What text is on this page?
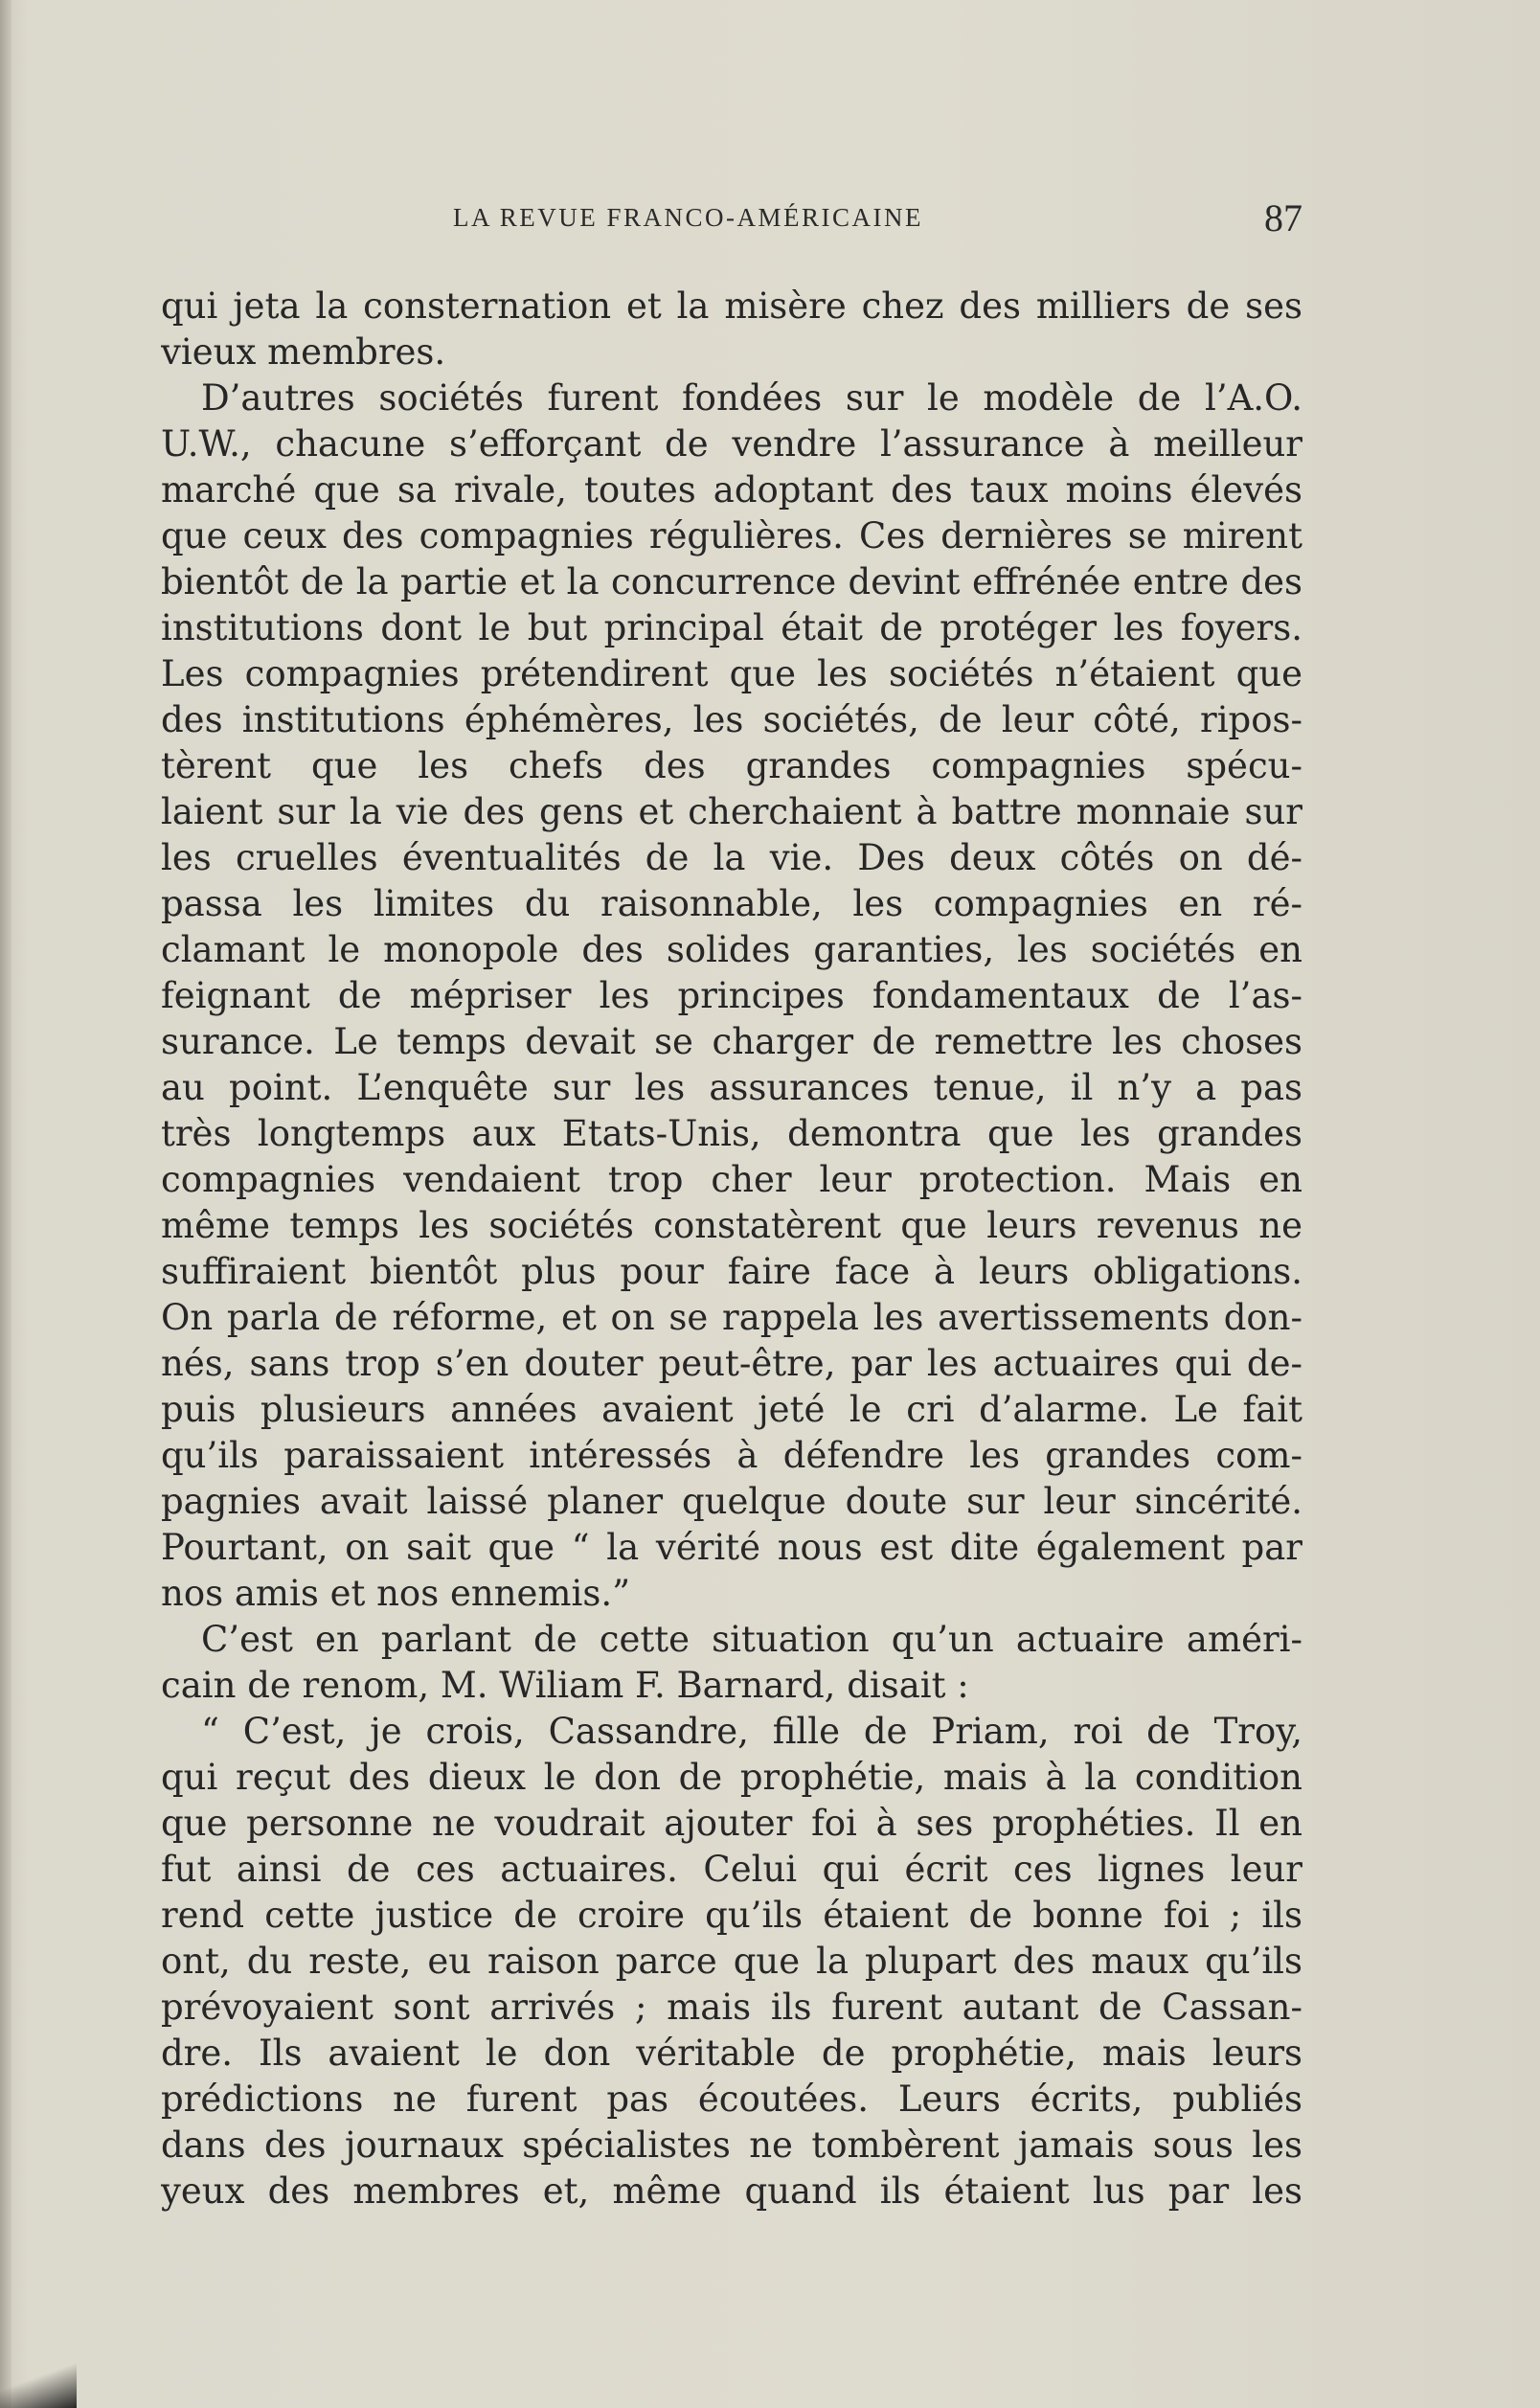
LA REVUE FRANCO-AMÉRICAINE	87
qui jeta la consternation et la misère chez des milliers de ses
vieux membres.
D’autres sociétés furent fondées sur le modèle de l’A.O.
U.W., chacune s’efforçant de vendre l’assurance à meilleur
marché que sa rivale, toutes adoptant des taux moins élevés
que ceux des compagnies régulières. Ces dernières se mirent
bientôt de la partie et la concurrence devint effrénée entre des
institutions dont le but principal était de protéger les foyers.
Les compagnies prétendirent que les sociétés n’étaient que
des institutions éphémères, les sociétés, de leur côté, ripos-
tèrent que les chefs des grandes compagnies spécu-
laient sur la vie des gens et cherchaient à battre monnaie sur
les cruelles éventualités de la vie. Des deux côtés on dé-
passa les limites du raisonnable, les compagnies en ré-
clamant le monopole des solides garanties, les sociétés en
feignant de mépriser les principes fondamentaux de l’as-
surance. Le temps devait se charger de remettre les choses
au point. L’enquête sur les assurances tenue, il n’y a pas
très longtemps aux Etats-Unis, demontra que les grandes
compagnies vendaient trop cher leur protection. Mais en
même temps les sociétés constatèrent que leurs revenus ne
suffiraient bientôt plus pour faire face à leurs obligations.
On parla de réforme, et on se rappela les avertissements don-
nés, sans trop s’en douter peut-être, par les actuaires qui de-
puis plusieurs années avaient jeté le cri d’alarme. Le fait
qu’ils paraissaient intéressés à défendre les grandes com-
pagnies avait laissé planer quelque doute sur leur sincérité.
Pourtant, on sait que “ la vérité nous est dite également par
nos amis et nos ennemis.”
C’est en parlant de cette situation qu’un actuaire améri-
cain de renom, M. Wiliam F. Barnard, disait :
“ C’est, je crois, Cassandre, fille de Priam, roi de Troy,
qui reçut des dieux le don de prophétie, mais à la condition
que personne ne voudrait ajouter foi à ses prophéties. Il en
fut ainsi de ces actuaires. Celui qui écrit ces lignes leur
rend cette justice de croire qu’ils étaient de bonne foi ; ils
ont, du reste, eu raison parce que la plupart des maux qu’ils
prévoyaient sont arrivés ; mais ils furent autant de Cassan-
dre. Ils avaient le don véritable de prophétie, mais leurs
prédictions ne furent pas écoutées. Leurs écrits, publiés
dans des journaux spécialistes ne tombèrent jamais sous les
yeux des membres et, même quand ils étaient lus par les
